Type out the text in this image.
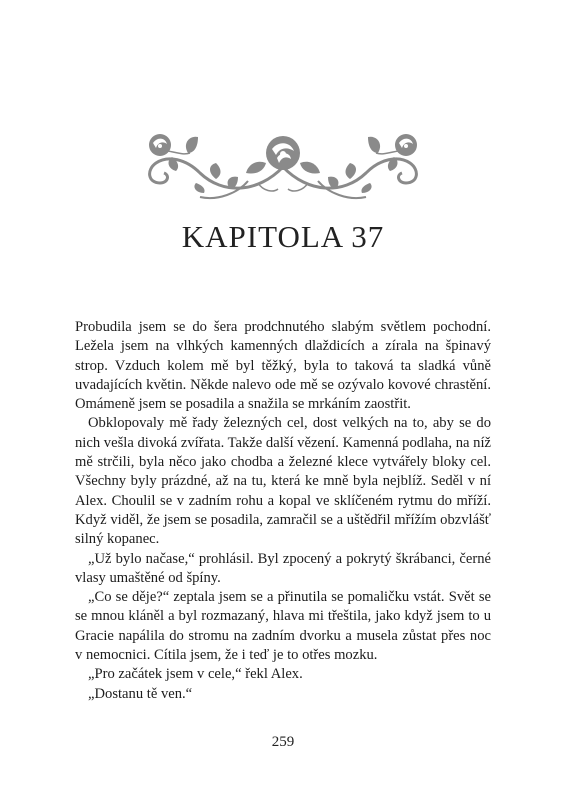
KAPITOLA 37

Probudila jsem se do šera prodchnutého slabým světlem pochodní. Ležela jsem na vlhkých kamenných dlaždicích a zírala na špinavý strop. Vzduch kolem mě byl těžký, byla to taková ta sladká vůně uvadajících květin. Někde nalevo ode mě se ozývalo kovové chrastění. Omámeně jsem se posadila a snažila se mrkáním zaostřit.

Obklopovaly mě řady železných cel, dost velkých na to, aby se do nich vešla divoká zvířata. Takže další vězení. Kamenná podlaha, na níž mě strčili, byla něco jako chodba a železné klece vytvářely bloky cel. Všechny byly prázdné, až na tu, která ke mně byla nejblíž. Seděl v ní Alex. Choulil se v zadním rohu a kopal ve sklíčeném rytmu do mříží. Když viděl, že jsem se posadila, zamračil se a uštědřil mřížím obzvlášť silný kopanec.

„Už bylo načase,“ prohlásil. Byl zpocený a pokrytý škrábanci, černé vlasy umaštěné od špíny.

„Co se děje?“ zeptala jsem se a přinutila se pomaličku vstát. Svět se se mnou kláněl a byl rozmazaný, hlava mi třeštila, jako když jsem to u Gracie napálila do stromu na zadním dvorku a musela zůstat přes noc v nemocnici. Cítila jsem, že i teď je to otřes mozku.

„Pro začátek jsem v cele,“ řekl Alex.

„Dostanu tě ven.“

259
